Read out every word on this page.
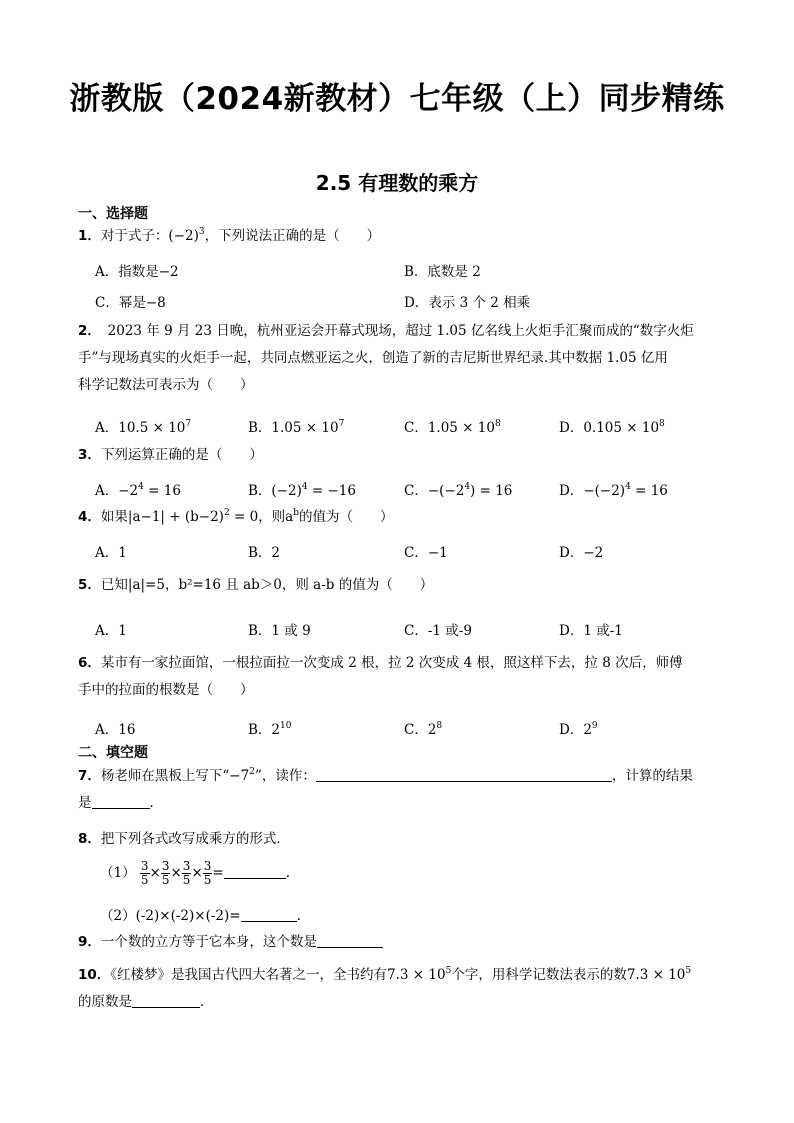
浙教版（2024新教材）七年级（上）同步精练
2.5 有理数的乘方
一、选择题
1．对于式子：$(-2)^3$，下列说法正确的是（　　）
A．指数是−2	B．底数是 2
C．幂是−8	D．表示 3 个 2 相乘
2．　2023 年 9 月 23 日晚，杭州亚运会开幕式现场，超过 1.05 亿名线上火炬手汇聚而成的“数字火炬
手”与现场真实的火炬手一起，共同点燃亚运之火，创造了新的吉尼斯世界纪录.其中数据 1.05 亿用
科学记数法可表示为（　　）
A．$10.5 \times 10^7$	B．$1.05 \times 10^7$	C．$1.05 \times 10^8$	D．$0.105 \times 10^8$
3．下列运算正确的是（　　）
A．$-2^4 = 16$	B．$(-2)^4 = -16$	C．$-(-2^4) = 16$	D．$-(-2)^4 = 16$
4．如果$|a-1| + (b-2)^2 = 0$，则$a^b$的值为（　　）
A．1	B．2	C．−1	D．−2
5．已知|a|=5，b²=16 且 ab＞0，则 a-b 的值为（　　）
A．1	B．1 或 9	C．-1 或-9	D．1 或-1
6．某市有一家拉面馆，一根拉面拉一次变成 2 根，拉 2 次变成 4 根，照这样下去，拉 8 次后，师傅
手中的拉面的根数是（　　）
A．16	B．$2^{10}$	C．$2^8$	D．$2^9$
二、填空题
7．杨老师在黑板上写下“$-7^2$”，读作：	，计算的结果
是	．
8．把下列各式改写成乘方的形式．
$(1) \frac{3}{5} \times \frac{3}{5} \times \frac{3}{5} \times \frac{3}{5}$ =	.
（2）(-2)×(-2)×(-2)=	.
9．一个数的立方等于它本身，这个数是
10．《红楼梦》是我国古代四大名著之一，全书约有$7.3 \times 10^5$个字，用科学记数法表示的数$7.3 \times 10^5$
的原数是	．
